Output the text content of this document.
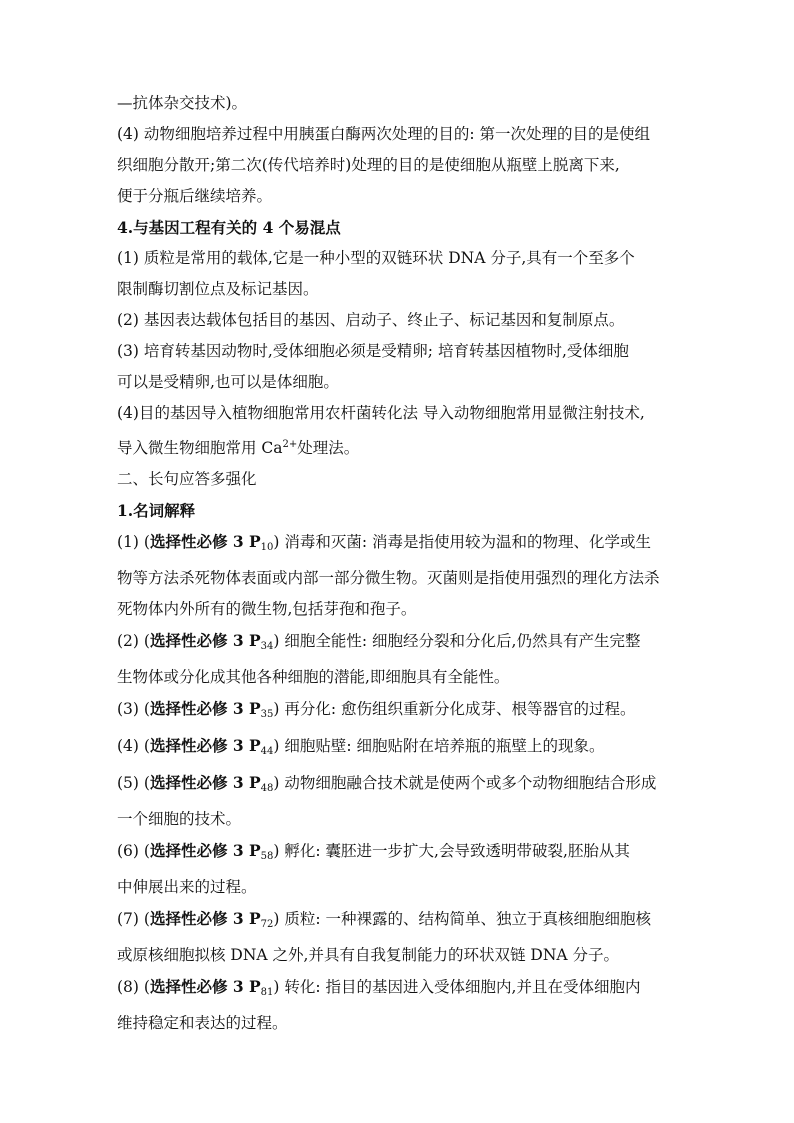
—抗体杂交技术)。

(4) 动物细胞培养过程中用胰蛋白酶两次处理的目的: 第一次处理的目的是使组

织细胞分散开;第二次(传代培养时)处理的目的是使细胞从瓶壁上脱离下来,

便于分瓶后继续培养。

4.与基因工程有关的 4 个易混点

(1) 质粒是常用的载体,它是一种小型的双链环状 DNA 分子,具有一个至多个

限制酶切割位点及标记基因。

(2) 基因表达载体包括目的基因、启动子、终止子、标记基因和复制原点。

(3) 培育转基因动物时,受体细胞必须是受精卵; 培育转基因植物时,受体细胞

可以是受精卵,也可以是体细胞。

(4)目的基因导入植物细胞常用农杆菌转化法 导入动物细胞常用显微注射技术,

导入微生物细胞常用 $Ca^{2+}$处理法。

二、长句应答多强化

1.名词解释

(1) (选择性必修 3 $P_{10}$) 消毒和灭菌: 消毒是指使用较为温和的物理、化学或生

物等方法杀死物体表面或内部一部分微生物。灭菌则是指使用强烈的理化方法杀

死物体内外所有的微生物,包括芽孢和孢子。

(2) (选择性必修 3 $P_{34}$) 细胞全能性: 细胞经分裂和分化后,仍然具有产生完整

生物体或分化成其他各种细胞的潜能,即细胞具有全能性。

(3) (选择性必修 3 $P_{35}$) 再分化: 愈伤组织重新分化成芽、根等器官的过程。

(4) (选择性必修 3 $P_{44}$) 细胞贴壁: 细胞贴附在培养瓶的瓶壁上的现象。

(5) (选择性必修 3 $P_{48}$) 动物细胞融合技术就是使两个或多个动物细胞结合形成

一个细胞的技术。

(6) (选择性必修 3 $P_{58}$) 孵化: 囊胚进一步扩大,会导致透明带破裂,胚胎从其

中伸展出来的过程。

(7) (选择性必修 3 $P_{72}$) 质粒: 一种裸露的、结构简单、独立于真核细胞细胞核

或原核细胞拟核 DNA 之外,并具有自我复制能力的环状双链 DNA 分子。

(8) (选择性必修 3 $P_{81}$) 转化: 指目的基因进入受体细胞内,并且在受体细胞内

维持稳定和表达的过程。
